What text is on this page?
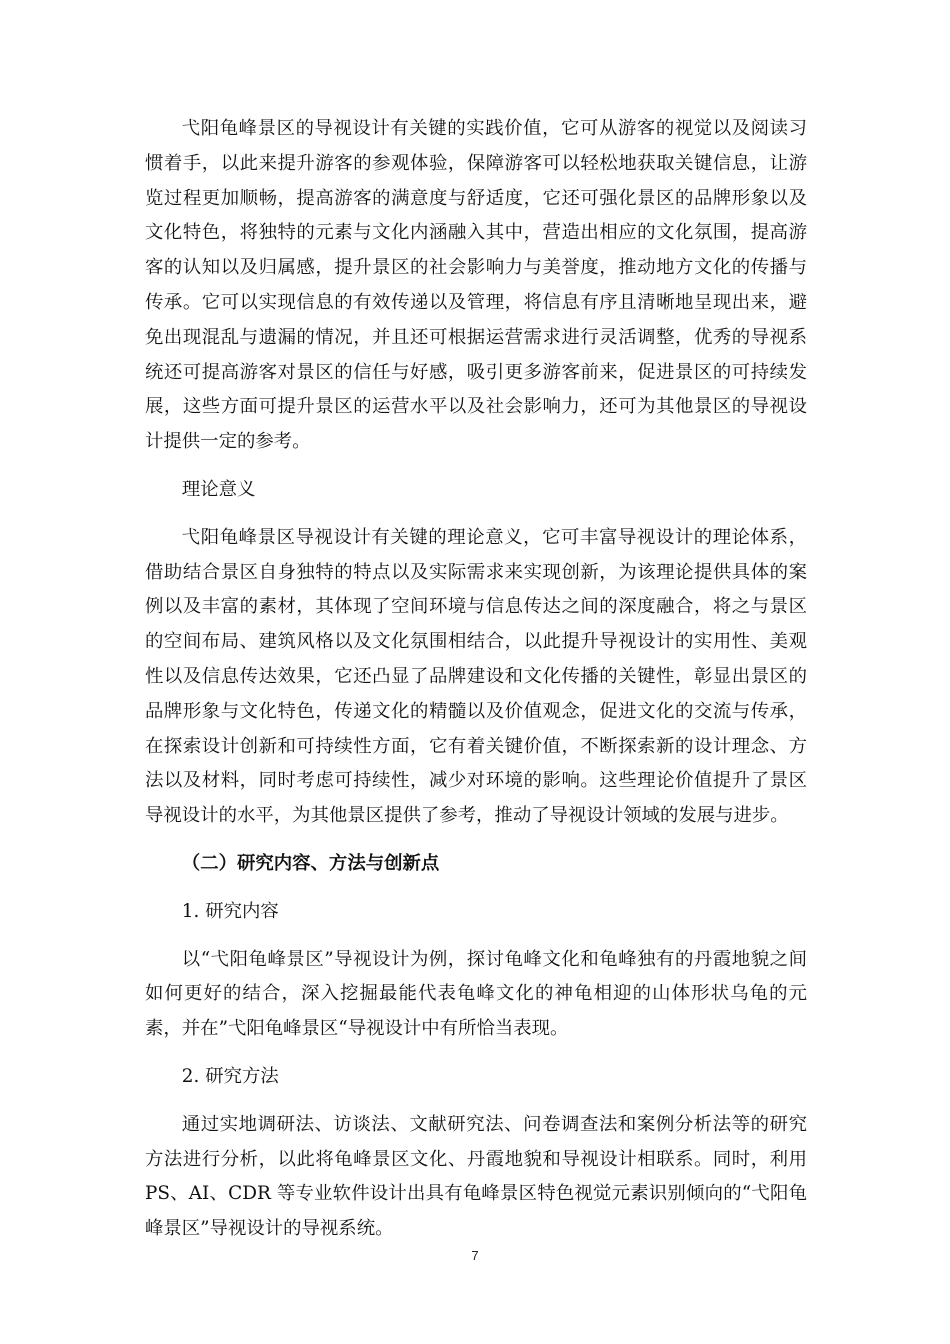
弋阳龟峰景区的导视设计有关键的实践价值，它可从游客的视觉以及阅读习惯着手，以此来提升游客的参观体验，保障游客可以轻松地获取关键信息，让游览过程更加顺畅，提高游客的满意度与舒适度，它还可强化景区的品牌形象以及文化特色，将独特的元素与文化内涵融入其中，营造出相应的文化氛围，提高游客的认知以及归属感，提升景区的社会影响力与美誉度，推动地方文化的传播与传承。它可以实现信息的有效传递以及管理，将信息有序且清晰地呈现出来，避免出现混乱与遗漏的情况，并且还可根据运营需求进行灵活调整，优秀的导视系统还可提高游客对景区的信任与好感，吸引更多游客前来，促进景区的可持续发展，这些方面可提升景区的运营水平以及社会影响力，还可为其他景区的导视设计提供一定的参考。

理论意义

弋阳龟峰景区导视设计有关键的理论意义，它可丰富导视设计的理论体系，借助结合景区自身独特的特点以及实际需求来实现创新，为该理论提供具体的案例以及丰富的素材，其体现了空间环境与信息传达之间的深度融合，将之与景区的空间布局、建筑风格以及文化氛围相结合，以此提升导视设计的实用性、美观性以及信息传达效果，它还凸显了品牌建设和文化传播的关键性，彰显出景区的品牌形象与文化特色，传递文化的精髓以及价值观念，促进文化的交流与传承，在探索设计创新和可持续性方面，它有着关键价值，不断探索新的设计理念、方法以及材料，同时考虑可持续性，减少对环境的影响。这些理论价值提升了景区导视设计的水平，为其他景区提供了参考，推动了导视设计领域的发展与进步。

（二）研究内容、方法与创新点

1. 研究内容

以“弋阳龟峰景区”导视设计为例，探讨龟峰文化和龟峰独有的丹霞地貌之间如何更好的结合，深入挖掘最能代表龟峰文化的神龟相迎的山体形状乌龟的元素，并在”弋阳龟峰景区“导视设计中有所恰当表现。

2. 研究方法

通过实地调研法、访谈法、文献研究法、问卷调查法和案例分析法等的研究方法进行分析，以此将龟峰景区文化、丹霞地貌和导视设计相联系。同时，利用 PS、AI、CDR 等专业软件设计出具有龟峰景区特色视觉元素识别倾向的“弋阳龟峰景区”导视设计的导视系统。

7
